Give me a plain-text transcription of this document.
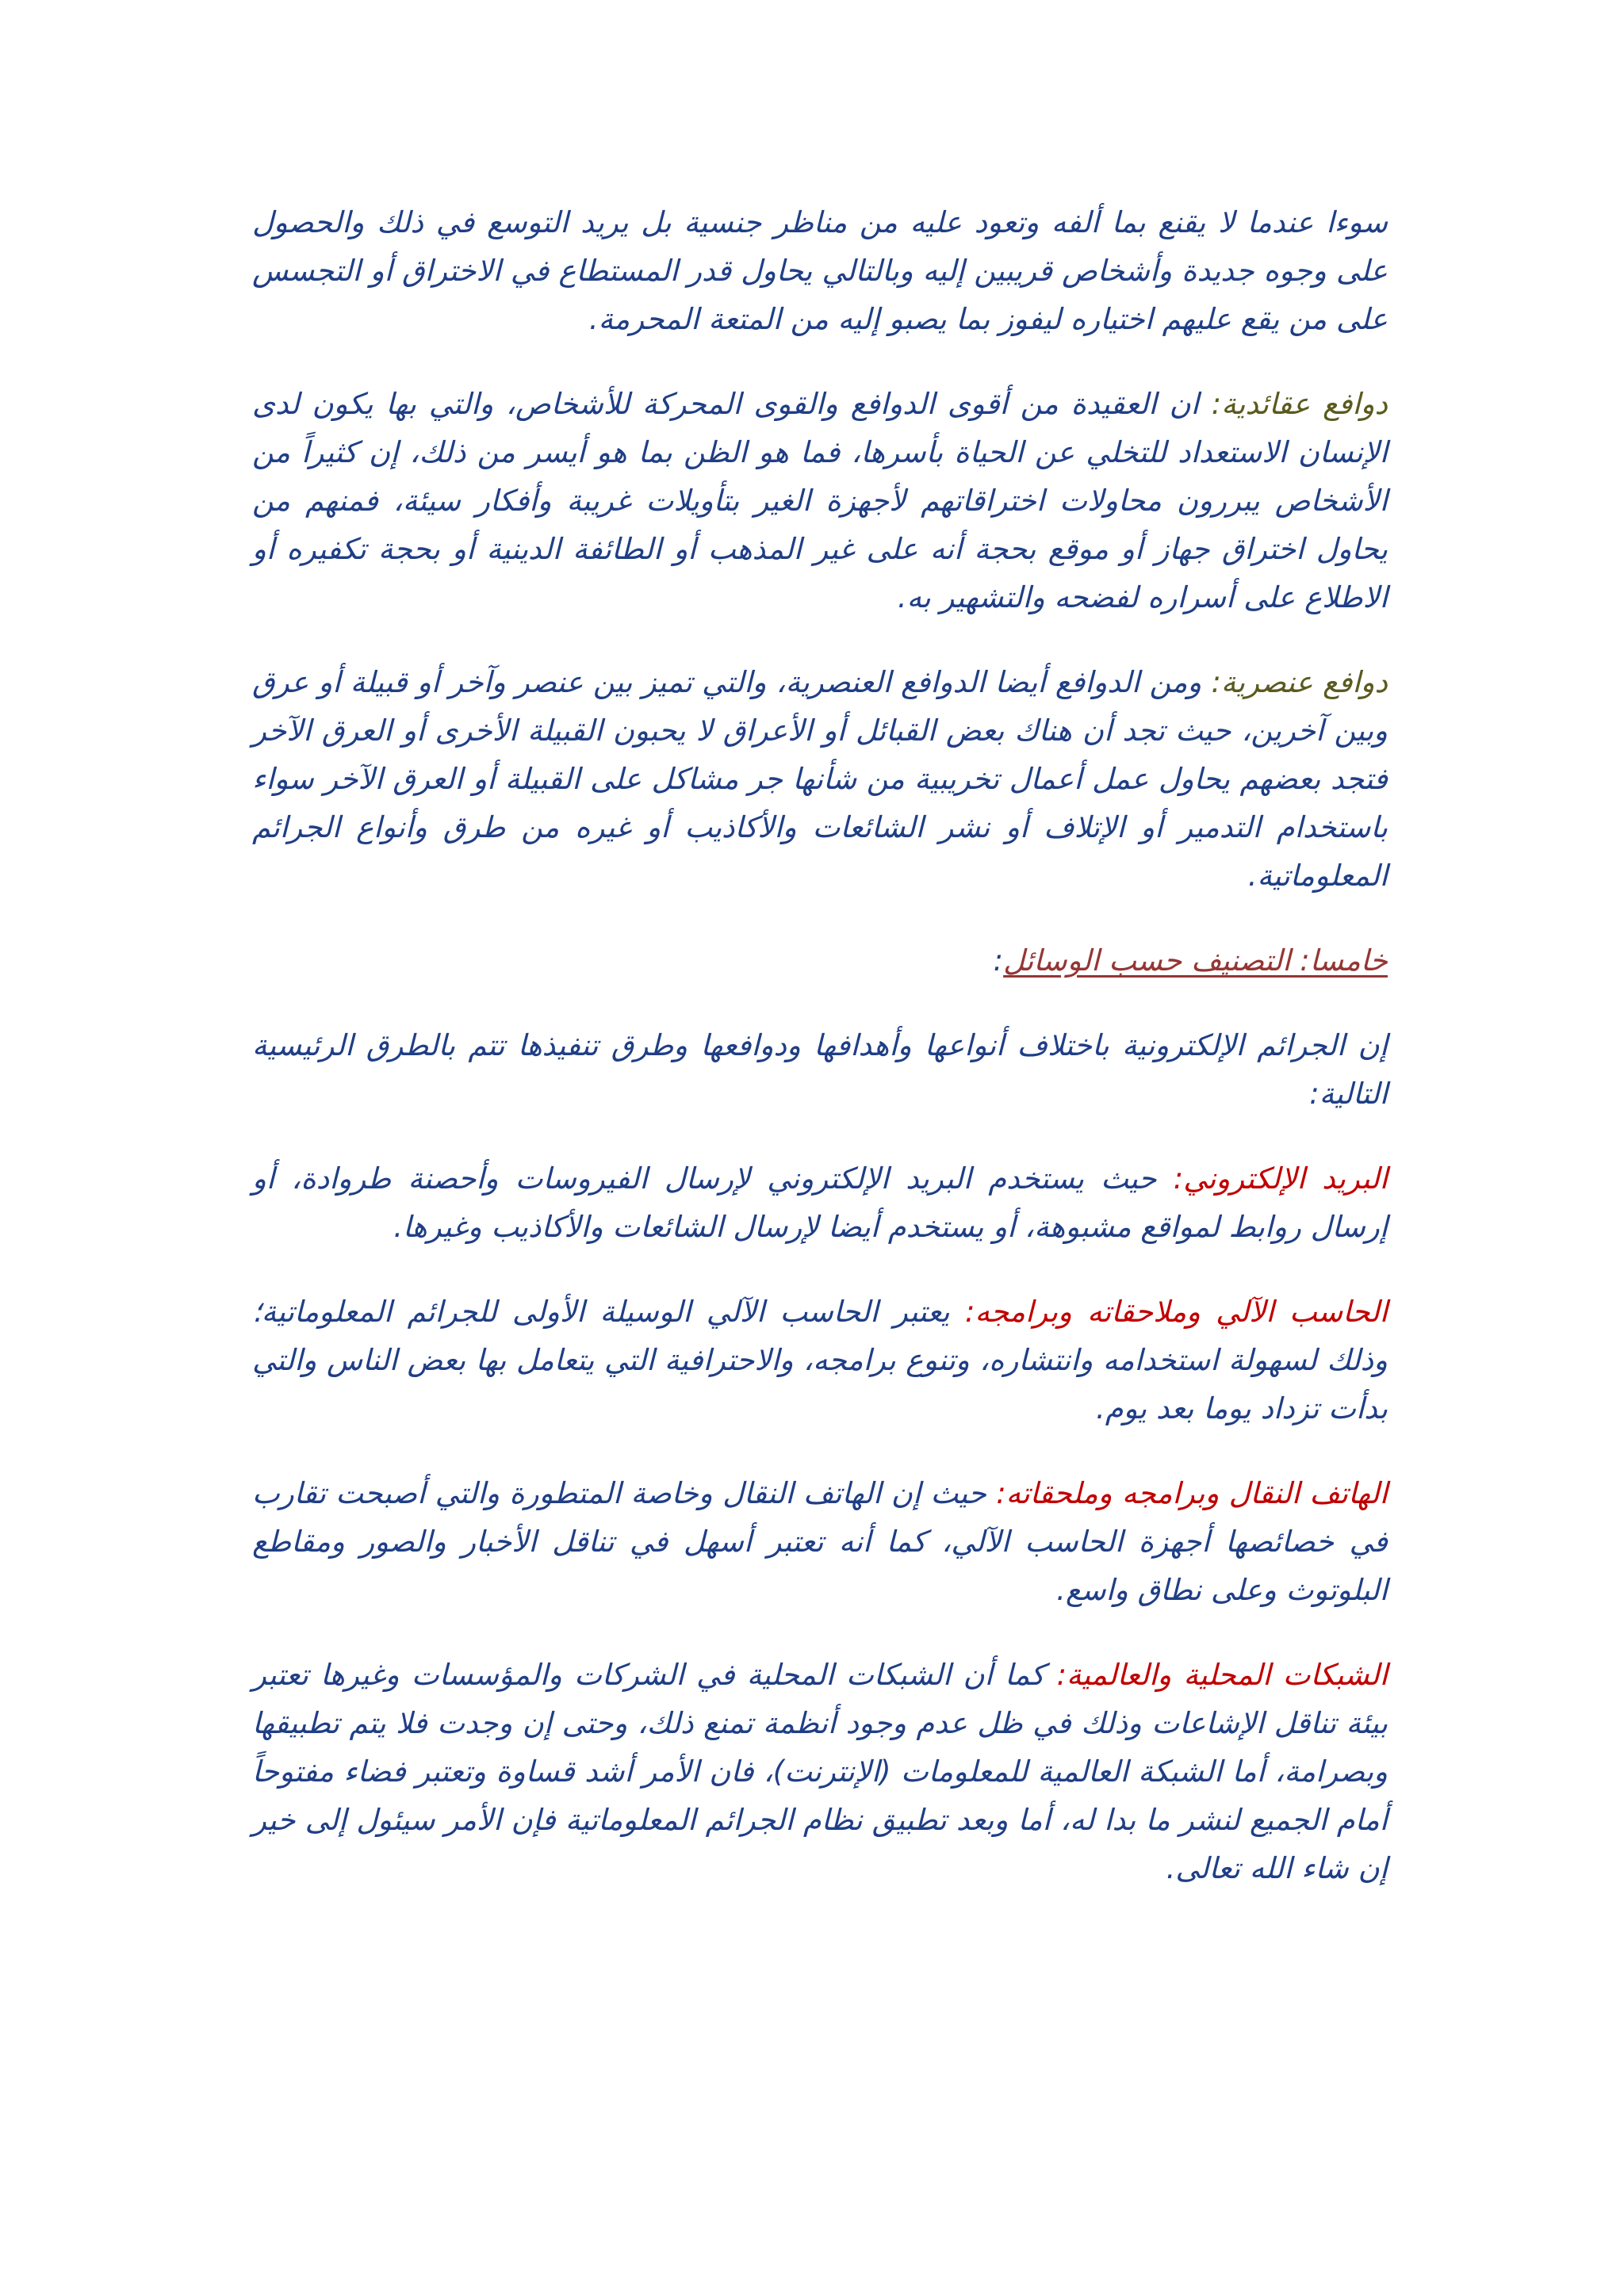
سوءا عندما لا يقنع بما ألفه وتعود عليه من مناظر جنسية بل يريد التوسع في ذلك والحصول على وجوه جديدة وأشخاص قريبين إليه وبالتالي يحاول قدر المستطاع في الاختراق أو التجسس على من يقع عليهم اختياره ليفوز بما يصبو إليه من المتعة المحرمة.

دوافع عقائدية: ان العقيدة من أقوى الدوافع والقوى المحركة للأشخاص، والتي بها يكون لدى الإنسان الاستعداد للتخلي عن الحياة بأسرها، فما هو الظن بما هو أيسر من ذلك، إن كثيراً من الأشخاص يبررون محاولات اختراقاتهم لأجهزة الغير بتأويلات غريبة وأفكار سيئة، فمنهم من يحاول اختراق جهاز أو موقع بحجة أنه على غير المذهب أو الطائفة الدينية أو بحجة تكفيره أو الاطلاع على أسراره لفضحه والتشهير به.

دوافع عنصرية: ومن الدوافع أيضا الدوافع العنصرية، والتي تميز بين عنصر وآخر أو قبيلة أو عرق وبين آخرين، حيث تجد أن هناك بعض القبائل أو الأعراق لا يحبون القبيلة الأخرى أو العرق الآخر فتجد بعضهم يحاول عمل أعمال تخريبية من شأنها جر مشاكل على القبيلة أو العرق الآخر سواء باستخدام التدمير أو الإتلاف أو نشر الشائعات والأكاذيب أو غيره من طرق وأنواع الجرائم المعلوماتية.

خامسا: التصنيف حسب الوسائل:

إن الجرائم الإلكترونية باختلاف أنواعها وأهدافها ودوافعها وطرق تنفيذها تتم بالطرق الرئيسية التالية:

البريد الإلكتروني: حيث يستخدم البريد الإلكتروني لإرسال الفيروسات وأحصنة طروادة، أو إرسال روابط لمواقع مشبوهة، أو يستخدم أيضا لإرسال الشائعات والأكاذيب وغيرها.

الحاسب الآلي وملاحقاته وبرامجه: يعتبر الحاسب الآلي الوسيلة الأولى للجرائم المعلوماتية؛ وذلك لسهولة استخدامه وانتشاره، وتنوع برامجه، والاحترافية التي يتعامل بها بعض الناس والتي بدأت تزداد يوما بعد يوم.

الهاتف النقال وبرامجه وملحقاته: حيث إن الهاتف النقال وخاصة المتطورة والتي أصبحت تقارب في خصائصها أجهزة الحاسب الآلي، كما أنه تعتبر أسهل في تناقل الأخبار والصور ومقاطع البلوتوث وعلى نطاق واسع.

الشبكات المحلية والعالمية: كما أن الشبكات المحلية في الشركات والمؤسسات وغيرها تعتبر بيئة تناقل الإشاعات وذلك في ظل عدم وجود أنظمة تمنع ذلك، وحتى إن وجدت فلا يتم تطبيقها وبصرامة، أما الشبكة العالمية للمعلومات (الإنترنت)، فان الأمر أشد قساوة وتعتبر فضاء مفتوحاً أمام الجميع لنشر ما بدا له، أما وبعد تطبيق نظام الجرائم المعلوماتية فإن الأمر سيئول إلى خير إن شاء الله تعالى.
